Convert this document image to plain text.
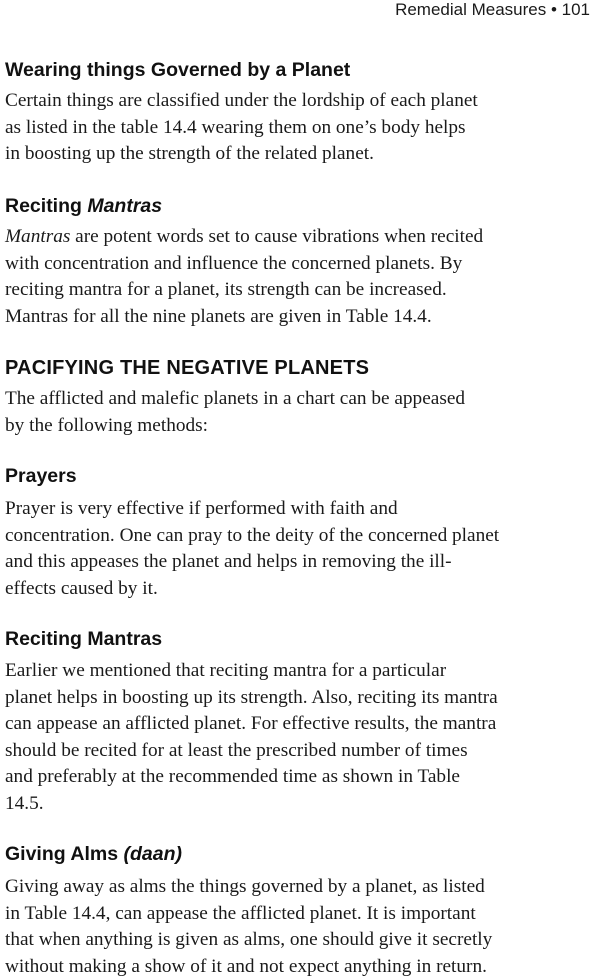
Remedial Measures • 101
Wearing things Governed by a Planet

Certain things are classified under the lordship of each planet
as listed in the table 14.4 wearing them on one’s body helps
in boosting up the strength of the related planet.

Reciting Mantras

Mantras are potent words set to cause vibrations when recited
with concentration and influence the concerned planets. By
reciting mantra for a planet, its strength can be increased.
Mantras for all the nine planets are given in Table 14.4.

PACIFYING THE NEGATIVE PLANETS

The afflicted and malefic planets in a chart can be appeased
by the following methods:

Prayers

Prayer is very effective if performed with faith and
concentration. One can pray to the deity of the concerned planet
and this appeases the planet and helps in removing the ill-
effects caused by it.

Reciting Mantras

Earlier we mentioned that reciting mantra for a particular
planet helps in boosting up its strength. Also, reciting its mantra
can appease an afflicted planet. For effective results, the mantra
should be recited for at least the prescribed number of times
and preferably at the recommended time as shown in Table
14.5.

Giving Alms (daan)

Giving away as alms the things governed by a planet, as listed
in Table 14.4, can appease the afflicted planet. It is important
that when anything is given as alms, one should give it secretly
without making a show of it and not expect anything in return.
